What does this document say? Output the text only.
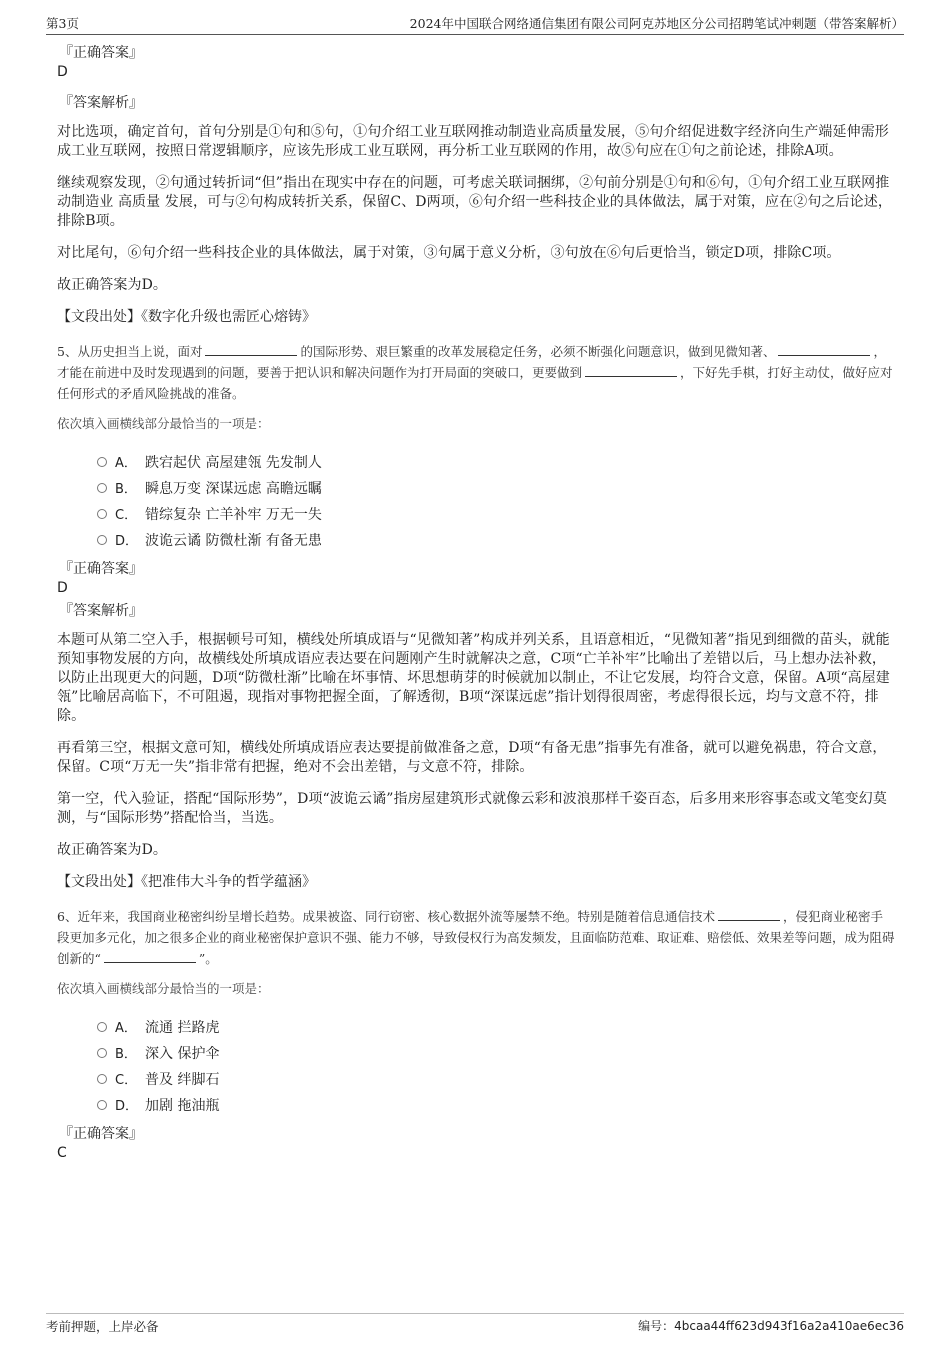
第3页	2024年中国联合网络通信集团有限公司阿克苏地区分公司招聘笔试冲刺题（带答案解析）
『正确答案』
D
『答案解析』

对比选项，确定首句，首句分别是①句和⑤句，①句介绍工业互联网推动制造业高质量发展，⑤句介绍促进数字经济向生产端延伸需形成工业互联网，按照日常逻辑顺序，应该先形成工业互联网，再分析工业互联网的作用，故⑤句应在①句之前论述，排除A项。

继续观察发现，②句通过转折词“但”指出在现实中存在的问题，可考虑关联词捆绑，②句前分别是①句和⑥句，①句介绍工业互联网推动制造业 高质量 发展，可与②句构成转折关系，保留C、D两项，⑥句介绍一些科技企业的具体做法，属于对策，应在②句之后论述，排除B项。

对比尾句，⑥句介绍一些科技企业的具体做法，属于对策，③句属于意义分析，③句放在⑥句后更恰当，锁定D项，排除C项。

故正确答案为D。

【文段出处】《数字化升级也需匠心熔铸》

5、从历史担当上说，面对	的国际形势、艰巨繁重的改革发展稳定任务，必须不断强化问题意识，做到见微知著、	，才能在前进中及时发现遇到的问题，要善于把认识和解决问题作为打开局面的突破口，更要做到	，下好先手棋，打好主动仗，做好应对任何形式的矛盾风险挑战的准备。

依次填入画横线部分最恰当的一项是：

A． 跌宕起伏 高屋建瓴 先发制人
B． 瞬息万变 深谋远虑 高瞻远瞩
C． 错综复杂 亡羊补牢 万无一失
D． 波诡云谲 防微杜渐 有备无患
『正确答案』
D
『答案解析』

本题可从第二空入手，根据顿号可知，横线处所填成语与“见微知著”构成并列关系，且语意相近，“见微知著”指见到细微的苗头，就能预知事物发展的方向，故横线处所填成语应表达要在问题刚产生时就解决之意，C项“亡羊补牢”比喻出了差错以后，马上想办法补救，以防止出现更大的问题，D项“防微杜渐”比喻在坏事情、坏思想萌芽的时候就加以制止，不让它发展，均符合文意，保留。A项“高屋建瓴”比喻居高临下，不可阻遏，现指对事物把握全面，了解透彻，B项“深谋远虑”指计划得很周密，考虑得很长远，均与文意不符，排除。

再看第三空，根据文意可知，横线处所填成语应表达要提前做准备之意，D项“有备无患”指事先有准备，就可以避免祸患，符合文意，保留。C项“万无一失”指非常有把握，绝对不会出差错，与文意不符，排除。

第一空，代入验证，搭配“国际形势”，D项“波诡云谲”指房屋建筑形式就像云彩和波浪那样千姿百态，后多用来形容事态或文笔变幻莫测，与“国际形势”搭配恰当，当选。

故正确答案为D。

【文段出处】《把准伟大斗争的哲学蕴涵》

6、近年来，我国商业秘密纠纷呈增长趋势。成果被盗、同行窃密、核心数据外流等屡禁不绝。特别是随着信息通信技术	，侵犯商业秘密手段更加多元化，加之很多企业的商业秘密保护意识不强、能力不够，导致侵权行为高发频发，且面临防范难、取证难、赔偿低、效果差等问题，成为阻碍创新的“	”。

依次填入画横线部分最恰当的一项是：

A． 流通 拦路虎
B． 深入 保护伞
C． 普及 绊脚石
D． 加剧 拖油瓶
『正确答案』
C
考前押题，上岸必备	编号：4bcaa44ff623d943f16a2a410ae6ec36
